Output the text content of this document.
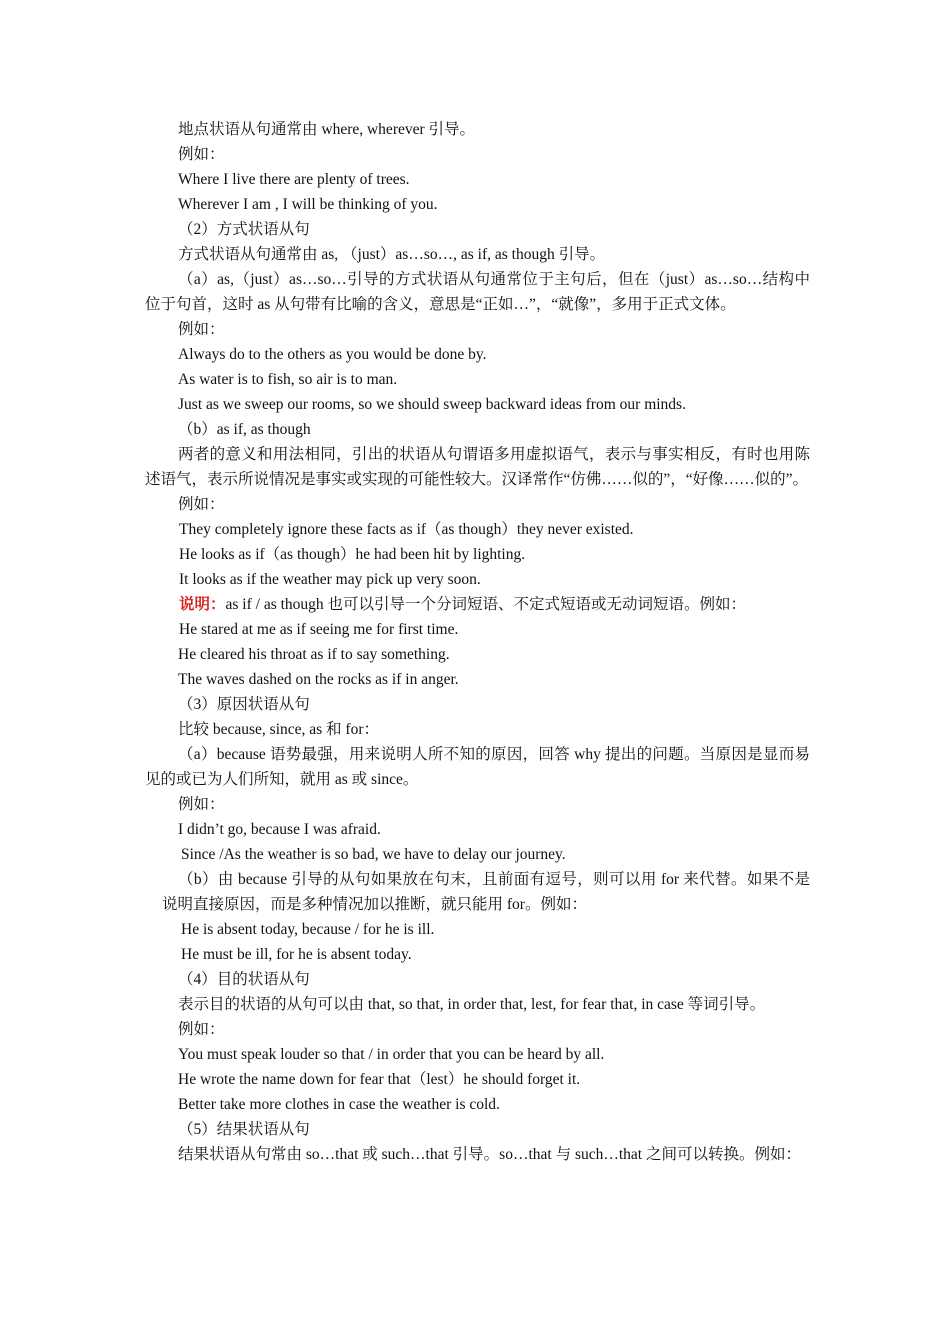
地点状语从句通常由 where, wherever 引导。
例如：
Where I live there are plenty of trees.
Wherever I am , I will be thinking of you.
（2）方式状语从句
方式状语从句通常由 as, （just）as…so…, as if, as though 引导。
（a）as,（just）as…so…引导的方式状语从句通常位于主句后，但在（just）as…so…结构中位于句首，这时 as 从句带有比喻的含义，意思是“正如…”，“就像”，多用于正式文体。
例如：
Always do to the others as you would be done by.
As water is to fish, so air is to man.
Just as we sweep our rooms, so we should sweep backward ideas from our minds.
（b）as if, as though
两者的意义和用法相同，引出的状语从句谓语多用虚拟语气，表示与事实相反，有时也用陈述语气，表示所说情况是事实或实现的可能性较大。汉译常作“仿佛……似的”，“好像……似的”。
例如：
They completely ignore these facts as if（as though）they never existed.
He looks as if（as though）he had been hit by lighting.
It looks as if the weather may pick up very soon.
说明：as if / as though 也可以引导一个分词短语、不定式短语或无动词短语。例如：
He stared at me as if seeing me for first time.
He cleared his throat as if to say something.
The waves dashed on the rocks as if in anger.
（3）原因状语从句
比较 because, since, as 和 for：
（a）because 语势最强，用来说明人所不知的原因，回答 why 提出的问题。当原因是显而易见的或已为人们所知，就用 as 或 since。
例如：
I didn’t go, because I was afraid.
Since /As the weather is so bad, we have to delay our journey.
（b）由 because 引导的从句如果放在句末，且前面有逗号，则可以用 for 来代替。如果不是说明直接原因，而是多种情况加以推断，就只能用 for。例如：
He is absent today, because / for he is ill.
He must be ill, for he is absent today.
（4）目的状语从句
表示目的状语的从句可以由 that, so that, in order that, lest, for fear that, in case 等词引导。
例如：
You must speak louder so that / in order that you can be heard by all.
He wrote the name down for fear that（lest）he should forget it.
Better take more clothes in case the weather is cold.
（5）结果状语从句
结果状语从句常由 so…that 或 such…that 引导。so…that 与 such…that 之间可以转换。例如：
